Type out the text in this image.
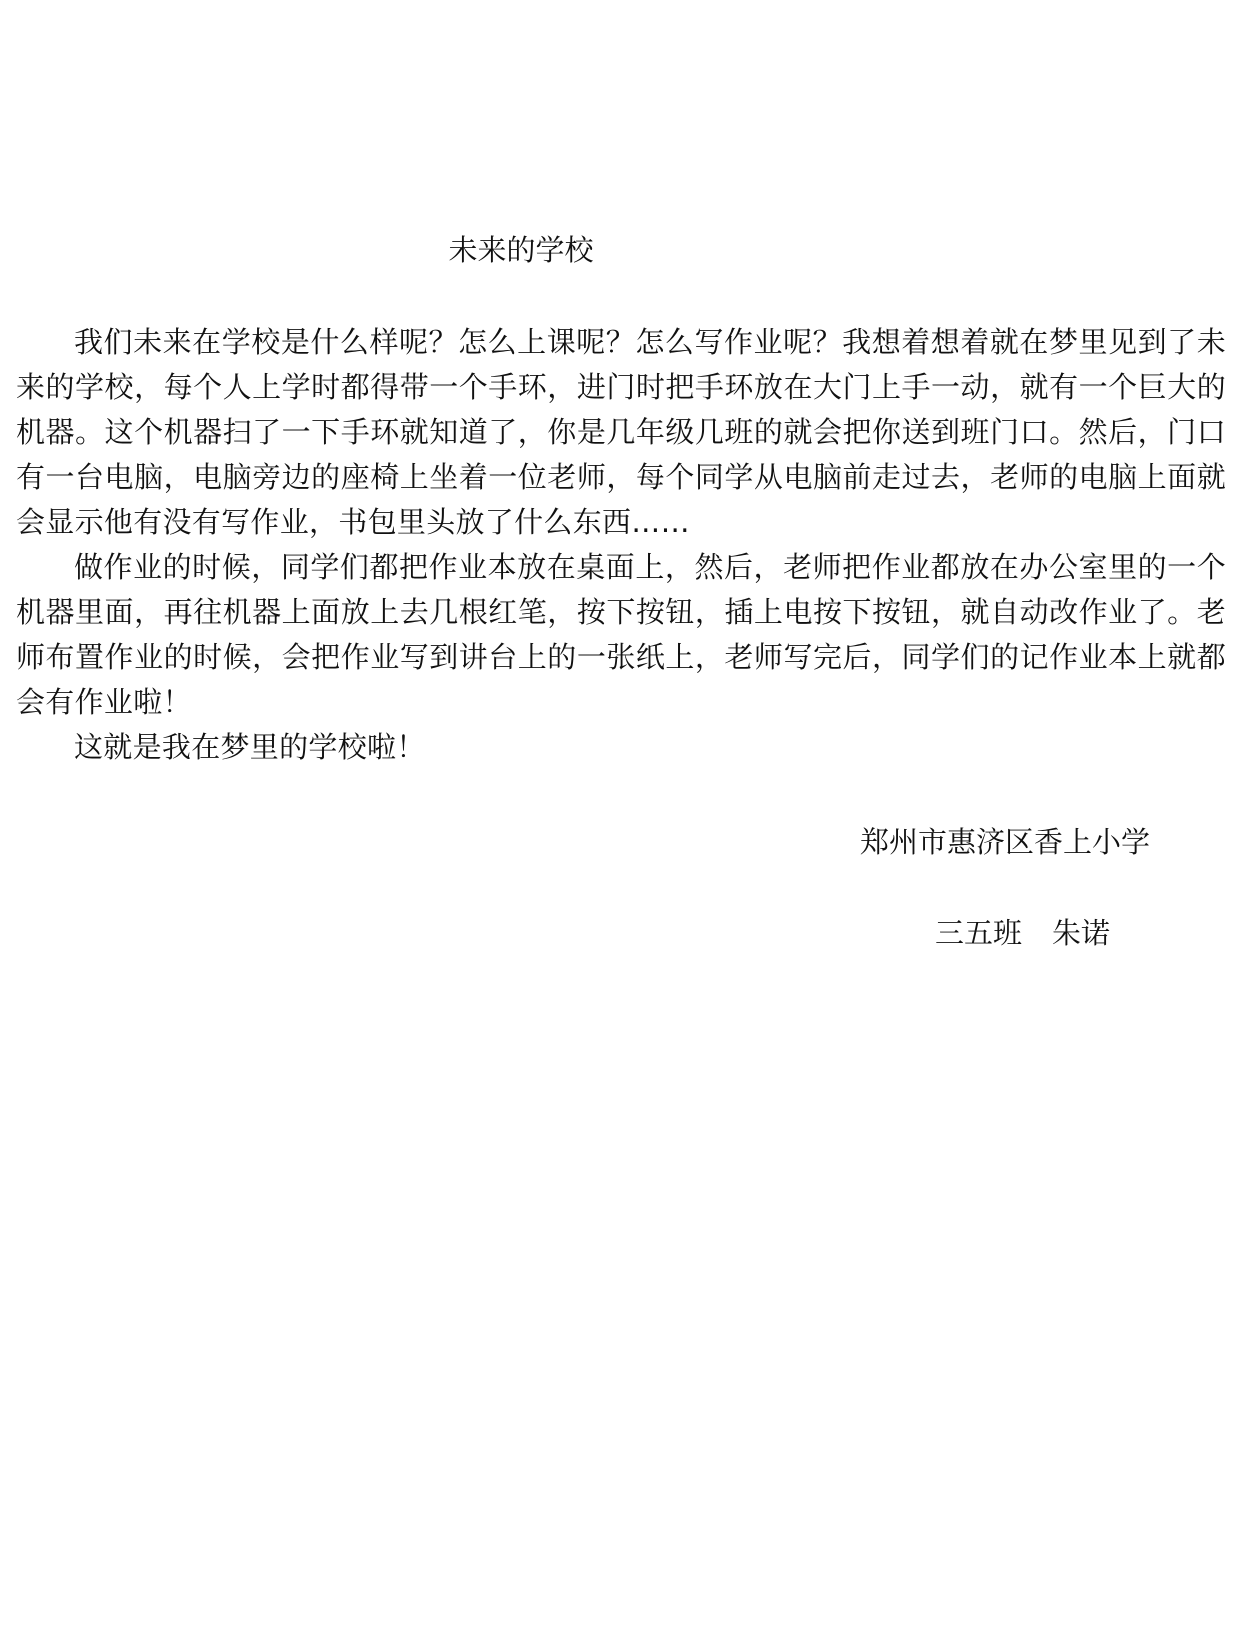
未来的学校

我们未来在学校是什么样呢？怎么上课呢？怎么写作业呢？我想着想着就在梦里见到了未来的学校，每个人上学时都得带一个手环，进门时把手环放在大门上手一动，就有一个巨大的机器。这个机器扫了一下手环就知道了，你是几年级几班的就会把你送到班门口。然后，门口有一台电脑，电脑旁边的座椅上坐着一位老师，每个同学从电脑前走过去，老师的电脑上面就会显示他有没有写作业，书包里头放了什么东西……

做作业的时候，同学们都把作业本放在桌面上，然后，老师把作业都放在办公室里的一个机器里面，再往机器上面放上去几根红笔，按下按钮，插上电按下按钮，就自动改作业了。老师布置作业的时候，会把作业写到讲台上的一张纸上，老师写完后，同学们的记作业本上就都会有作业啦！

这就是我在梦里的学校啦！

郑州市惠济区香上小学

三五班 朱诺
